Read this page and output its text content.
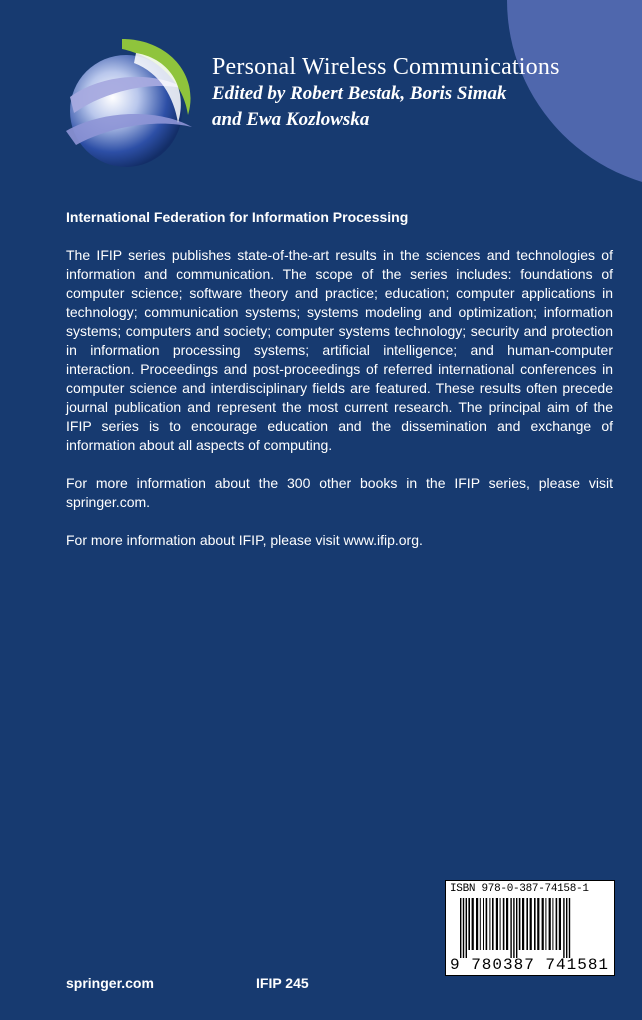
Personal Wireless Communications
Edited by Robert Bestak, Boris Simak
and Ewa Kozlowska
International Federation for Information Processing

The IFIP series publishes state-of-the-art results in the sciences and technologies of information and communication. The scope of the series includes: foundations of computer science; software theory and practice; education; computer applications in technology; communication systems; systems modeling and optimization; information systems; computers and society; computer systems technology; security and protection in information processing systems; artificial intelligence; and human-computer interaction. Proceedings and post-proceedings of referred international conferences in computer science and interdisciplinary fields are featured. These results often precede journal publication and represent the most current research. The principal aim of the IFIP series is to encourage education and the dissemination and exchange of information about all aspects of computing.

For more information about the 300 other books in the IFIP series, please visit springer.com.

For more information about IFIP, please visit www.ifip.org.

ISBN 978-0-387-74158-1
9 780387 741581
springer.com	IFIP 245
